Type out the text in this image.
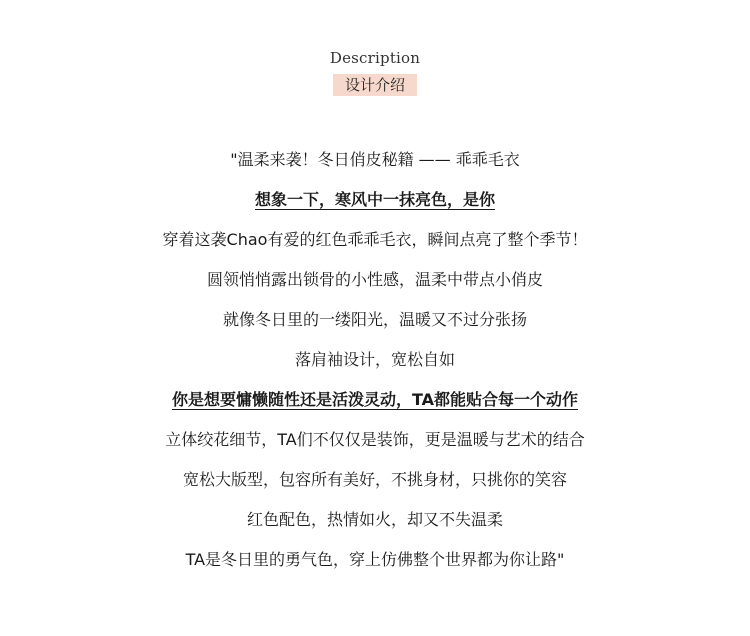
Description
设计介绍
"温柔来袭！冬日俏皮秘籍 —— 乖乖毛衣
想象一下，寒风中一抹亮色，是你
穿着这袭Chao有爱的红色乖乖毛衣，瞬间点亮了整个季节！
圆领悄悄露出锁骨的小性感，温柔中带点小俏皮
就像冬日里的一缕阳光，温暖又不过分张扬
落肩袖设计，宽松自如
你是想要慵懒随性还是活泼灵动，TA都能贴合每一个动作
立体绞花细节，TA们不仅仅是装饰，更是温暖与艺术的结合
宽松大版型，包容所有美好，不挑身材，只挑你的笑容
红色配色，热情如火，却又不失温柔
TA是冬日里的勇气色，穿上仿佛整个世界都为你让路"
